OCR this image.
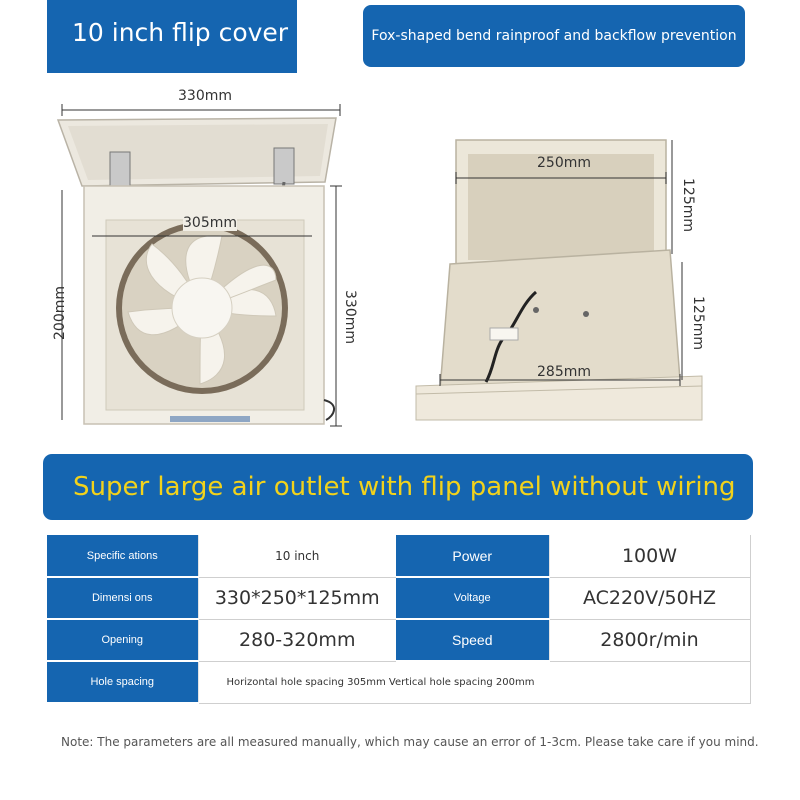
10 inch flip cover	Fox-shaped bend rainproof and backflow prevention
330mm
305mm
200mm	330mm
250mm
285mm
125mm
125mm
Super large air outlet with flip panel without wiring
Specific ations	10 inch	Power	100W
Dimensi ons	330*250*125mm	Voltage	AC220V/50HZ
Opening	280-320mm	Speed	2800r/min
Hole spacing	Horizontal hole spacing 305mm Vertical hole spacing 200mm		
Note: The parameters are all measured manually, which may cause an error of 1-3cm. Please take care if you mind.
